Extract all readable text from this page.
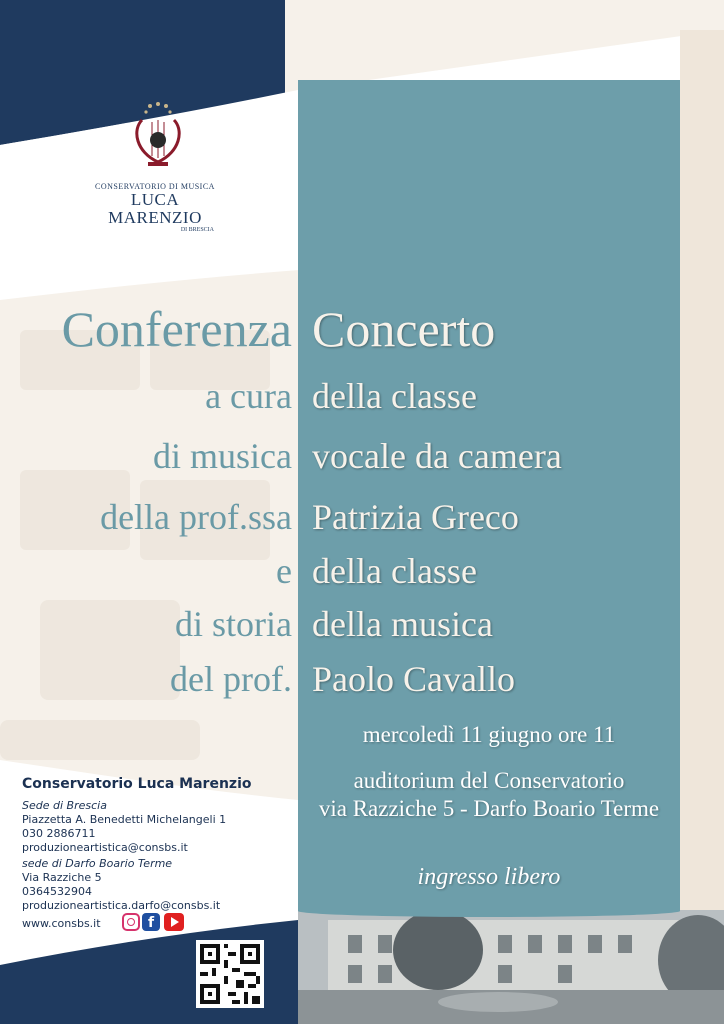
CONSERVATORIO DI MUSICA
LUCA MARENZIO
DI BRESCIA
Conferenza Concerto
a cura della classe
di musica vocale da camera
della prof.ssa Patrizia Greco
e della classe
di storia della musica
del prof. Paolo Cavallo
mercoledì 11 giugno ore 11
auditorium del Conservatorio
via Razziche 5 - Darfo Boario Terme
ingresso libero
Conservatorio Luca Marenzio
Sede di Brescia
Piazzetta A. Benedetti Michelangeli 1
030 2886711
produzioneartistica@consbs.it
sede di Darfo Boario Terme
Via Razziche 5
0364532904
produzioneartistica.darfo@consbs.it
www.consbs.it	f
